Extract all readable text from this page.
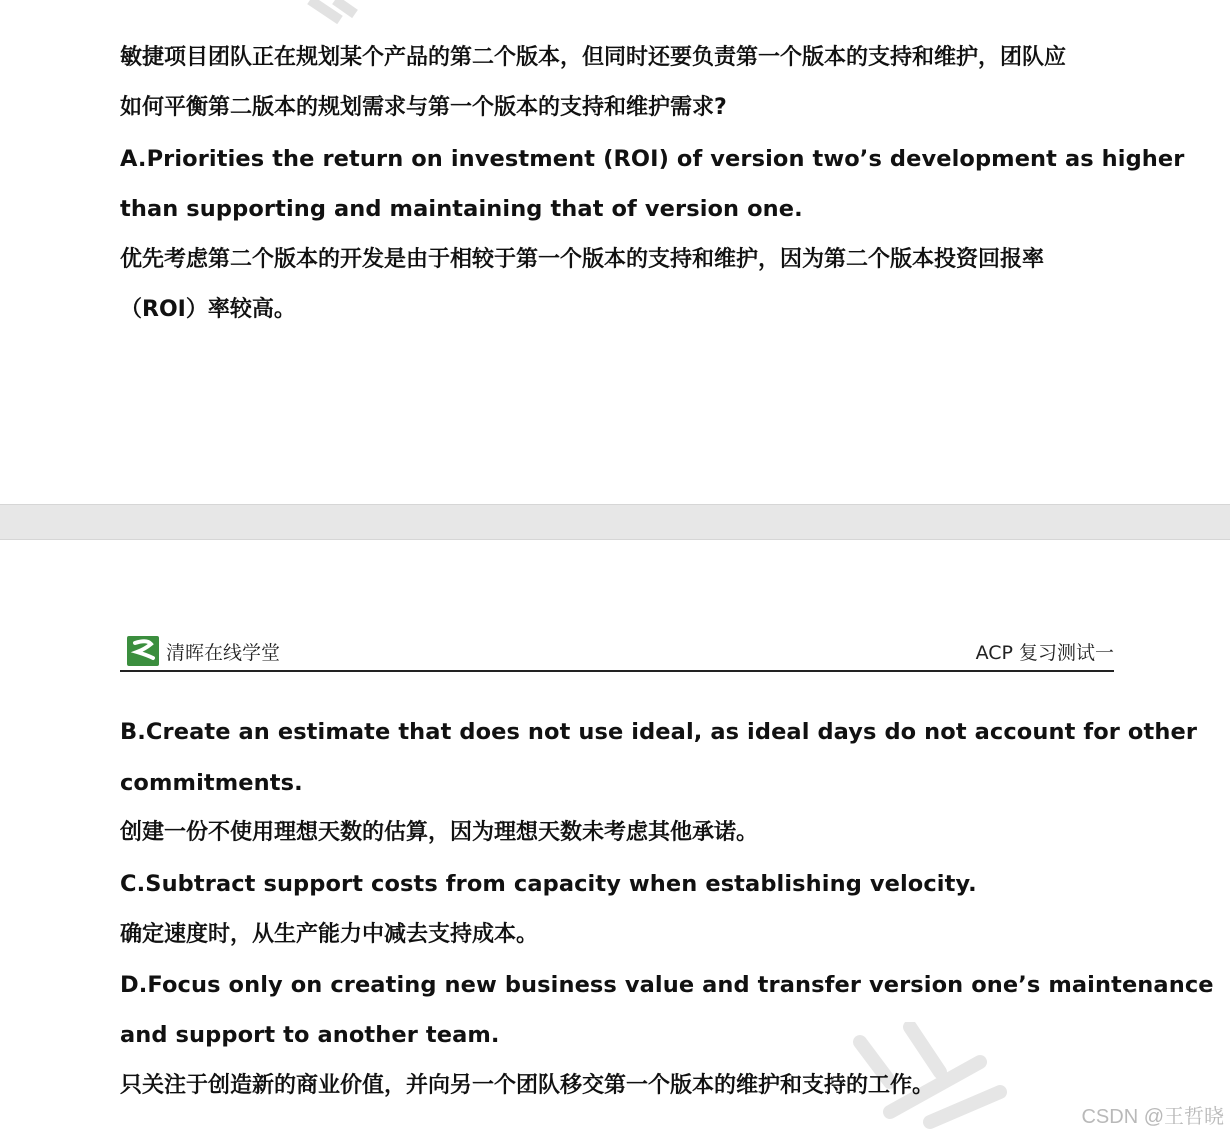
敏捷项目团队正在规划某个产品的第二个版本，但同时还要负责第一个版本的支持和维护，团队应
如何平衡第二版本的规划需求与第一个版本的支持和维护需求?
A.Priorities the return on investment (ROI) of version two’s development as higher
than supporting and maintaining that of version one.
优先考虑第二个版本的开发是由于相较于第一个版本的支持和维护，因为第二个版本投资回报率
（ROI）率较高。
清晖在线学堂	ACP 复习测试一
B.Create an estimate that does not use ideal, as ideal days do not account for other
commitments.
创建一份不使用理想天数的估算，因为理想天数未考虑其他承诺。
C.Subtract support costs from capacity when establishing velocity.
确定速度时，从生产能力中减去支持成本。
D.Focus only on creating new business value and transfer version one’s maintenance
and support to another team.
只关注于创造新的商业价值，并向另一个团队移交第一个版本的维护和支持的工作。
CSDN @王哲晓
